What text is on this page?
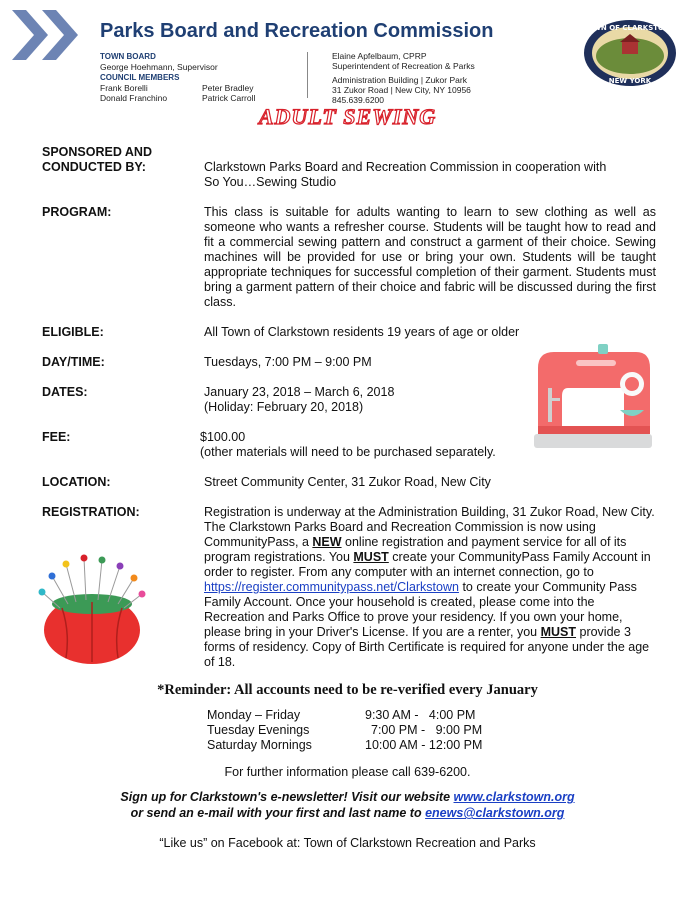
Parks Board and Recreation Commission
TOWN BOARD
George Hoehmann, Supervisor
COUNCIL MEMBERS
Frank Borelli	Peter Bradley
Donald Franchino	Patrick Carroll
Elaine Apfelbaum, CPRP
Superintendent of Recreation & Parks

Administration Building | Zukor Park
31 Zukor Road | New City, NY 10956
845.639.6200
TOWN OF CLARKSTOWN
NEW YORK
ADULT SEWING
SPONSORED AND
CONDUCTED BY:	Clarkstown Parks Board and Recreation Commission in cooperation with
So You…Sewing Studio
PROGRAM:	This class is suitable for adults wanting to learn to sew clothing as well as someone who wants a refresher course. Students will be taught how to read and fit a commercial sewing pattern and construct a garment of their choice. Sewing machines will be provided for use or bring your own. Students will be taught appropriate techniques for successful completion of their garment. Students must bring a garment pattern of their choice and fabric will be discussed during the first class.
ELIGIBLE:	All Town of Clarkstown residents 19 years of age or older
DAY/TIME:	Tuesdays, 7:00 PM – 9:00 PM
DATES:	January 23, 2018 – March 6, 2018
(Holiday: February 20, 2018)
FEE:	$100.00
(other materials will need to be purchased separately.
LOCATION:	Street Community Center, 31 Zukor Road, New City
REGISTRATION:	Registration is underway at the Administration Building, 31 Zukor Road, New City. The Clarkstown Parks Board and Recreation Commission is now using CommunityPass, a NEW online registration and payment service for all of its program registrations. You MUST create your CommunityPass Family Account in order to register. From any computer with an internet connection, go to https://register.communitypass.net/Clarkstown to create your Community Pass Family Account. Once your household is created, please come into the Recreation and Parks Office to prove your residency. If you own your home, please bring in your Driver's License. If you are a renter, you MUST provide 3 forms of residency. Copy of Birth Certificate is required for anyone under the age of 18.
*Reminder: All accounts need to be re-verified every January
Monday – Friday	9:30 AM -   4:00 PM
Tuesday Evenings	7:00 PM -   9:00 PM
Saturday Mornings	10:00 AM - 12:00 PM
For further information please call 639-6200.
Sign up for Clarkstown's e-newsletter! Visit our website www.clarkstown.org
or send an e-mail with your first and last name to enews@clarkstown.org
“Like us” on Facebook at: Town of Clarkstown Recreation and Parks
